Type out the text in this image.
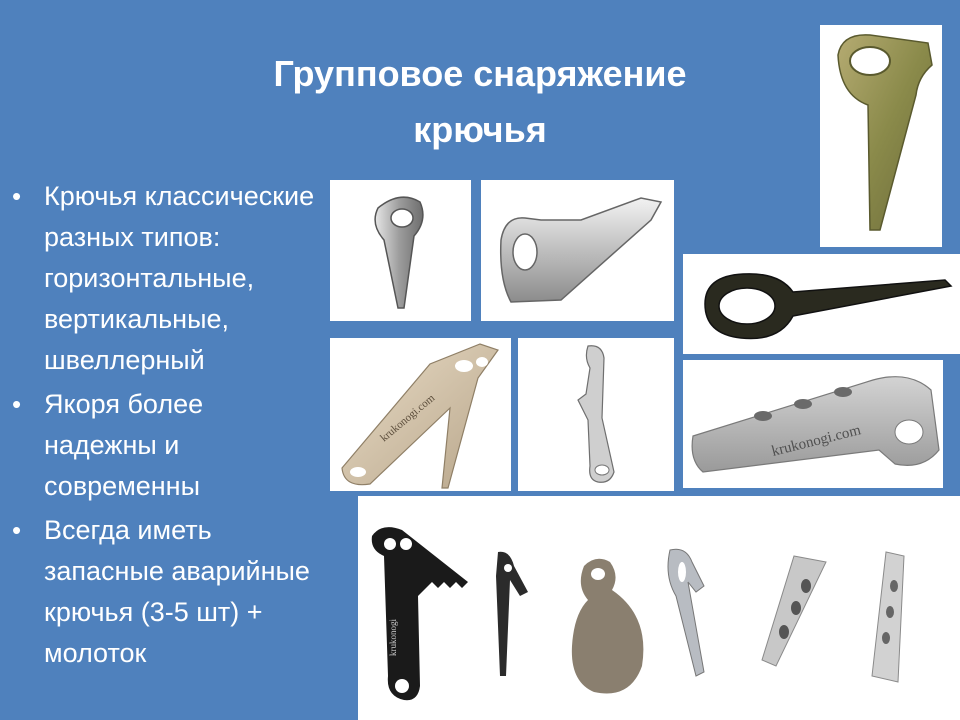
Групповое снаряжение

крючья
• Крючья классические
разных типов:
горизонтальные,
вертикальные,
швеллерный
• Якоря более
надежны и
современны
• Всегда иметь
запасные аварийные
крючья (3-5 шт) +
молоток
krukonogi.com	krukonogi.com
krukonogi
